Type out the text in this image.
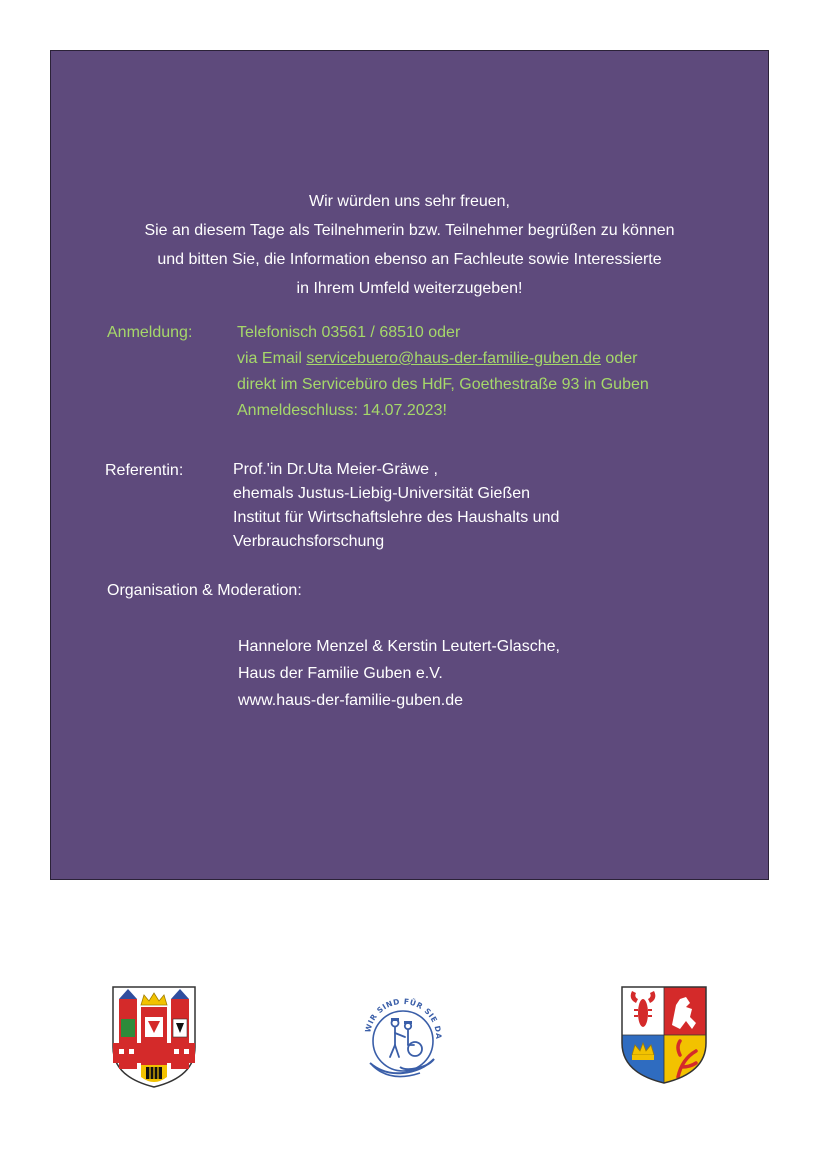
Wir würden uns sehr freuen,
Sie an diesem Tage als Teilnehmerin bzw. Teilnehmer begrüßen zu können
und bitten Sie, die Information ebenso an Fachleute sowie Interessierte
in Ihrem Umfeld weiterzugeben!
Anmeldung:	Telefonisch 03561 / 68510 oder
via Email servicebuero@haus-der-familie-guben.de oder
direkt im Servicebüro des HdF, Goethestraße 93 in Guben
Anmeldeschluss: 14.07.2023!
Referentin:	Prof.'in Dr.Uta Meier-Gräwe ,
ehemals Justus-Liebig-Universität Gießen
Institut für Wirtschaftslehre des Haushalts und
Verbrauchsforschung
Organisation & Moderation:
Hannelore Menzel & Kerstin Leutert-Glasche,
Haus der Familie Guben e.V.
www.haus-der-familie-guben.de
WIR SIND FÜR SIE DA
